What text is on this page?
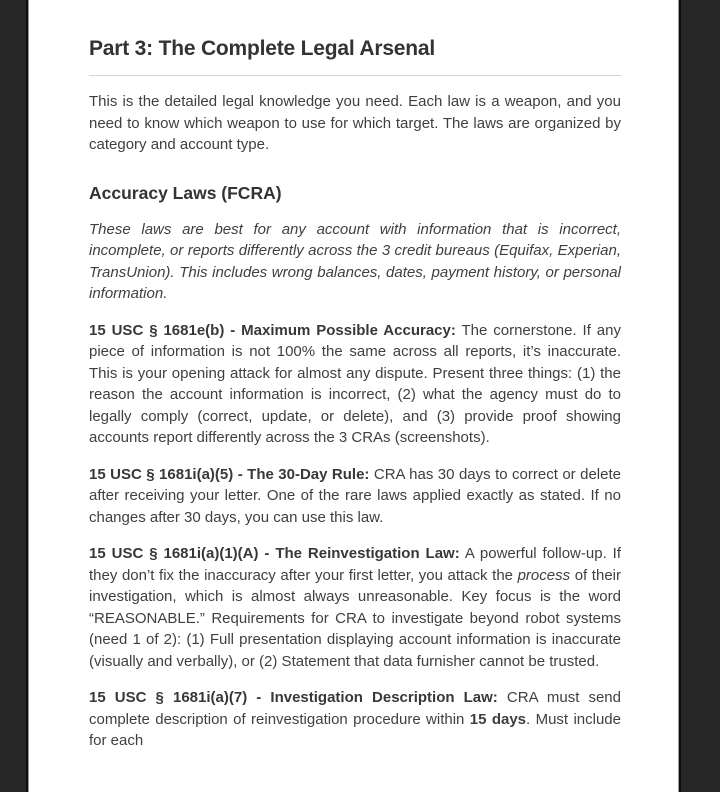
Part 3: The Complete Legal Arsenal

This is the detailed legal knowledge you need. Each law is a weapon, and you need to know which weapon to use for which target. The laws are organized by category and account type.

Accuracy Laws (FCRA)

These laws are best for any account with information that is incorrect, incomplete, or reports differently across the 3 credit bureaus (Equifax, Experian, TransUnion). This includes wrong balances, dates, payment history, or personal information.

15 USC § 1681e(b) - Maximum Possible Accuracy: The cornerstone. If any piece of information is not 100% the same across all reports, it’s inaccurate. This is your opening attack for almost any dispute. Present three things: (1) the reason the account information is incorrect, (2) what the agency must do to legally comply (correct, update, or delete), and (3) provide proof showing accounts report differently across the 3 CRAs (screenshots).

15 USC § 1681i(a)(5) - The 30-Day Rule: CRA has 30 days to correct or delete after receiving your letter. One of the rare laws applied exactly as stated. If no changes after 30 days, you can use this law.

15 USC § 1681i(a)(1)(A) - The Reinvestigation Law: A powerful follow-up. If they don’t fix the inaccuracy after your first letter, you attack the process of their investigation, which is almost always unreasonable. Key focus is the word “REASONABLE.” Requirements for CRA to investigate beyond robot systems (need 1 of 2): (1) Full presentation displaying account information is inaccurate (visually and verbally), or (2) Statement that data furnisher cannot be trusted.

15 USC § 1681i(a)(7) - Investigation Description Law: CRA must send complete description of reinvestigation procedure within 15 days. Must include for each
